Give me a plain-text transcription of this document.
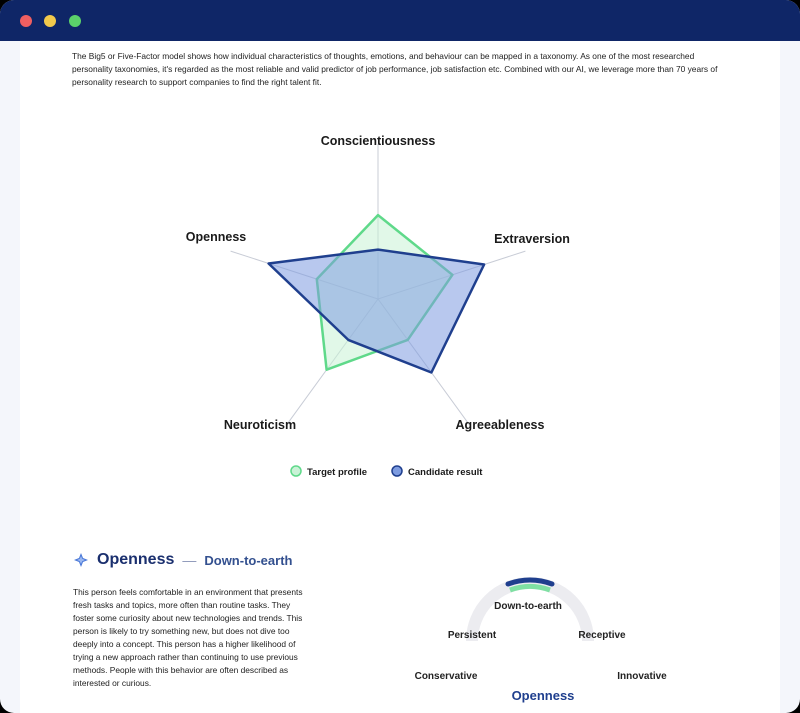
The Big5 or Five-Factor model shows how individual characteristics of thoughts, emotions, and behaviour can be mapped in a taxonomy. As one of the most researched personality taxonomies, it's regarded as the most reliable and valid predictor of job performance, job satisfaction etc. Combined with our AI, we leverage more than 70 years of personality research to support companies to find the right talent fit.

Conscientiousness
Extraversion
Agreeableness
Neuroticism
Openness
Target profile	Candidate result
Openness — Down-to-earth

This person feels comfortable in an environment that presents fresh tasks and topics, more often than routine tasks. They foster some curiosity about new technologies and trends. This person is likely to try something new, but does not dive too deeply into a concept. This person has a higher likelihood of trying a new approach rather than continuing to use previous methods. People with this behavior are often described as interested or curious.

Conservative
Persistent
Down-to-earth
Receptive
Innovative
Openness
